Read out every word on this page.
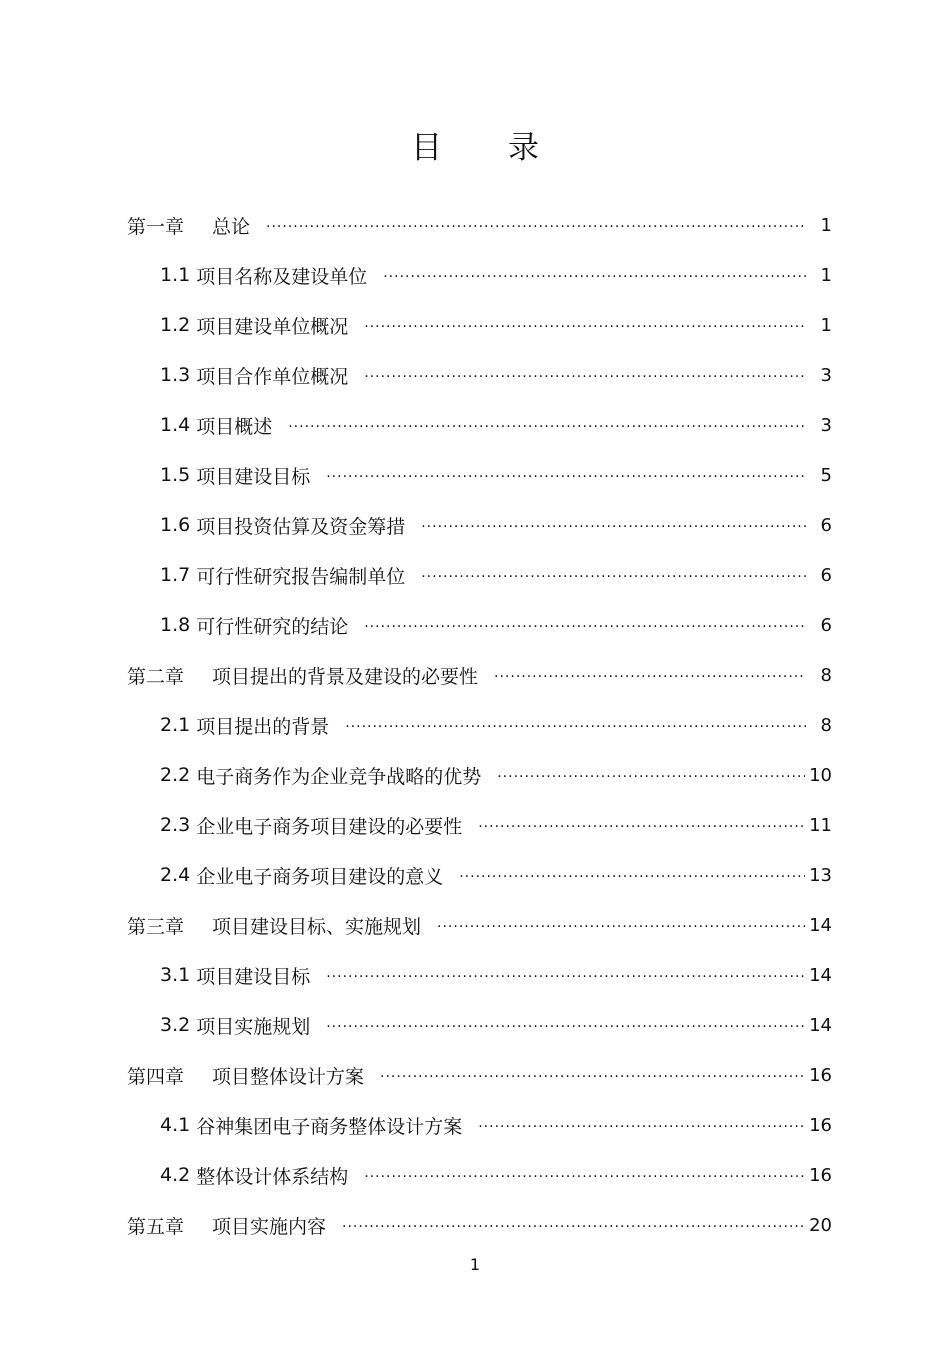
目 录
第一章 总论 .....	1
1.1 项目名称及建设单位 .....	1
1.2 项目建设单位概况 .....	1
1.3 项目合作单位概况 .....	3
1.4 项目概述 .....	3
1.5 项目建设目标 .....	5
1.6 项目投资估算及资金筹措 .....	6
1.7 可行性研究报告编制单位 .....	6
1.8 可行性研究的结论 .....	6
第二章 项目提出的背景及建设的必要性 .....	8
2.1 项目提出的背景 .....	8
2.2 电子商务作为企业竞争战略的优势 .....	10
2.3 企业电子商务项目建设的必要性 .....	11
2.4 企业电子商务项目建设的意义 .....	13
第三章 项目建设目标、实施规划 .....	14
3.1 项目建设目标 .....	14
3.2 项目实施规划 .....	14
第四章 项目整体设计方案 .....	16
4.1 谷神集团电子商务整体设计方案 .....	16
4.2 整体设计体系结构 .....	16
第五章 项目实施内容 .....	20
1
